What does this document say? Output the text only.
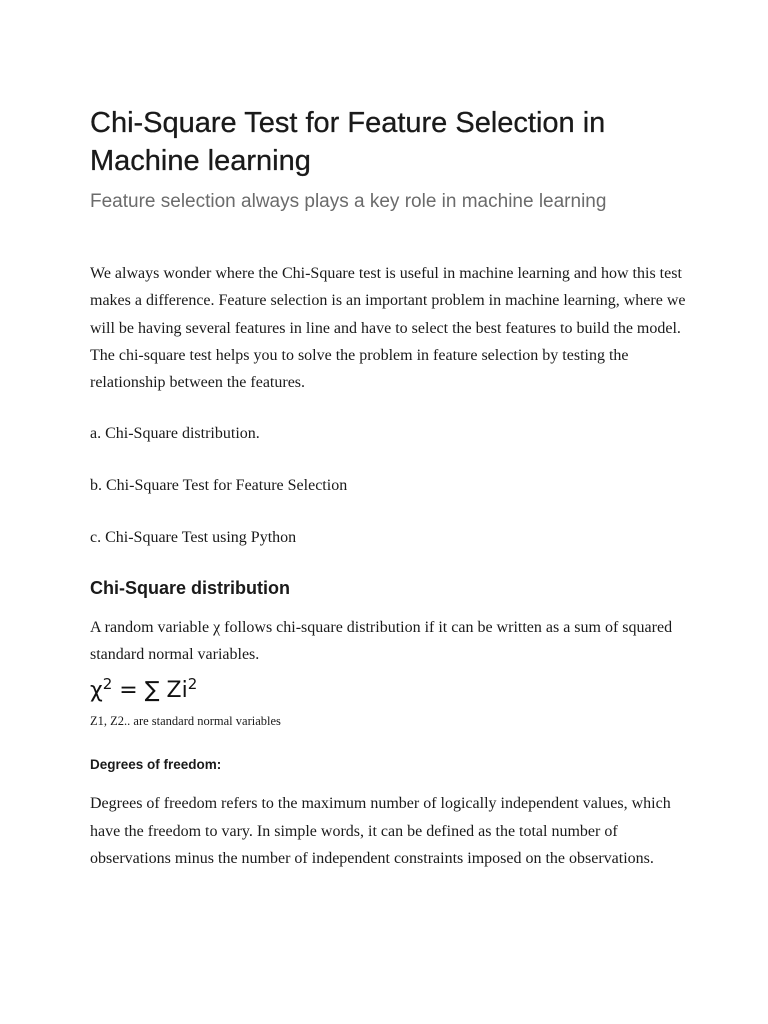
Chi-Square Test for Feature Selection in Machine learning

Feature selection always plays a key role in machine learning

We always wonder where the Chi-Square test is useful in machine learning and how this test makes a difference. Feature selection is an important problem in machine learning, where we will be having several features in line and have to select the best features to build the model. The chi-square test helps you to solve the problem in feature selection by testing the relationship between the features.

a. Chi-Square distribution.

b. Chi-Square Test for Feature Selection

c. Chi-Square Test using Python

Chi-Square distribution

A random variable χ follows chi-square distribution if it can be written as a sum of squared standard normal variables.

$\chi^2$ = ∑ Zi$^2$

Z1, Z2.. are standard normal variables

Degrees of freedom:

Degrees of freedom refers to the maximum number of logically independent values, which have the freedom to vary. In simple words, it can be defined as the total number of observations minus the number of independent constraints imposed on the observations.
